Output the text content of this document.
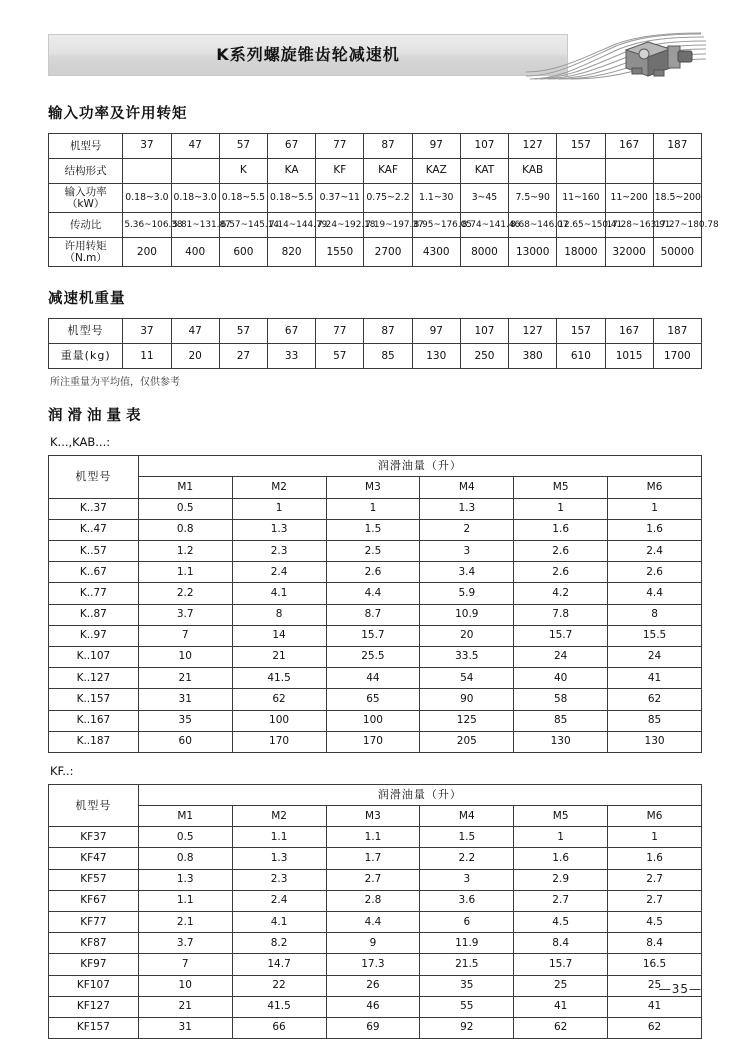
K系列螺旋锥齿轮减速机
输入功率及许用转矩
机型号	37	47	57	67	77	87	97	107	127	157	167	187
结构形式			K	KA	KF	KAF	KAZ	KAT	KAB			

输入功率
（kW）	0.18~3.0	0.18~3.0	0.18~5.5	0.18~5.5	0.37~11	0.75~2.2	1.1~30	3~45	7.5~90	11~160	11~200	18.5~200
传动比	5.36~106.38	5.81~131.87	6.57~145.14	7.14~144.79	7.24~192.18	7.19~197.37	8.95~176.05	8.74~141.46	8.68~146.07	12.65~150.41	17.28~163.91	17.27~180.78

许用转矩
（N.m）	200	400	600	820	1550	2700	4300	8000	13000	18000	32000	50000
减速机重量
机型号	37	47	57	67	77	87	97	107	127	157	167	187
重量(kg)	11	20	27	33	57	85	130	250	380	610	1015	1700
所注重量为平均值，仅供参考
润滑油量表
K...,KAB...:
机型号	润滑油量（升）					
	M1	M2	M3	M4	M5	M6
K..37	0.5	1	1	1.3	1	1
K..47	0.8	1.3	1.5	2	1.6	1.6
K..57	1.2	2.3	2.5	3	2.6	2.4
K..67	1.1	2.4	2.6	3.4	2.6	2.6
K..77	2.2	4.1	4.4	5.9	4.2	4.4
K..87	3.7	8	8.7	10.9	7.8	8
K..97	7	14	15.7	20	15.7	15.5
K..107	10	21	25.5	33.5	24	24
K..127	21	41.5	44	54	40	41
K..157	31	62	65	90	58	62
K..167	35	100	100	125	85	85
K..187	60	170	170	205	130	130
KF..:
机型号	润滑油量（升）					
	M1	M2	M3	M4	M5	M6
KF37	0.5	1.1	1.1	1.5	1	1
KF47	0.8	1.3	1.7	2.2	1.6	1.6
KF57	1.3	2.3	2.7	3	2.9	2.7
KF67	1.1	2.4	2.8	3.6	2.7	2.7
KF77	2.1	4.1	4.4	6	4.5	4.5
KF87	3.7	8.2	9	11.9	8.4	8.4
KF97	7	14.7	17.3	21.5	15.7	16.5
KF107	10	22	26	35	25	25
KF127	21	41.5	46	55	41	41
KF157	31	66	69	92	62	62
—35—
